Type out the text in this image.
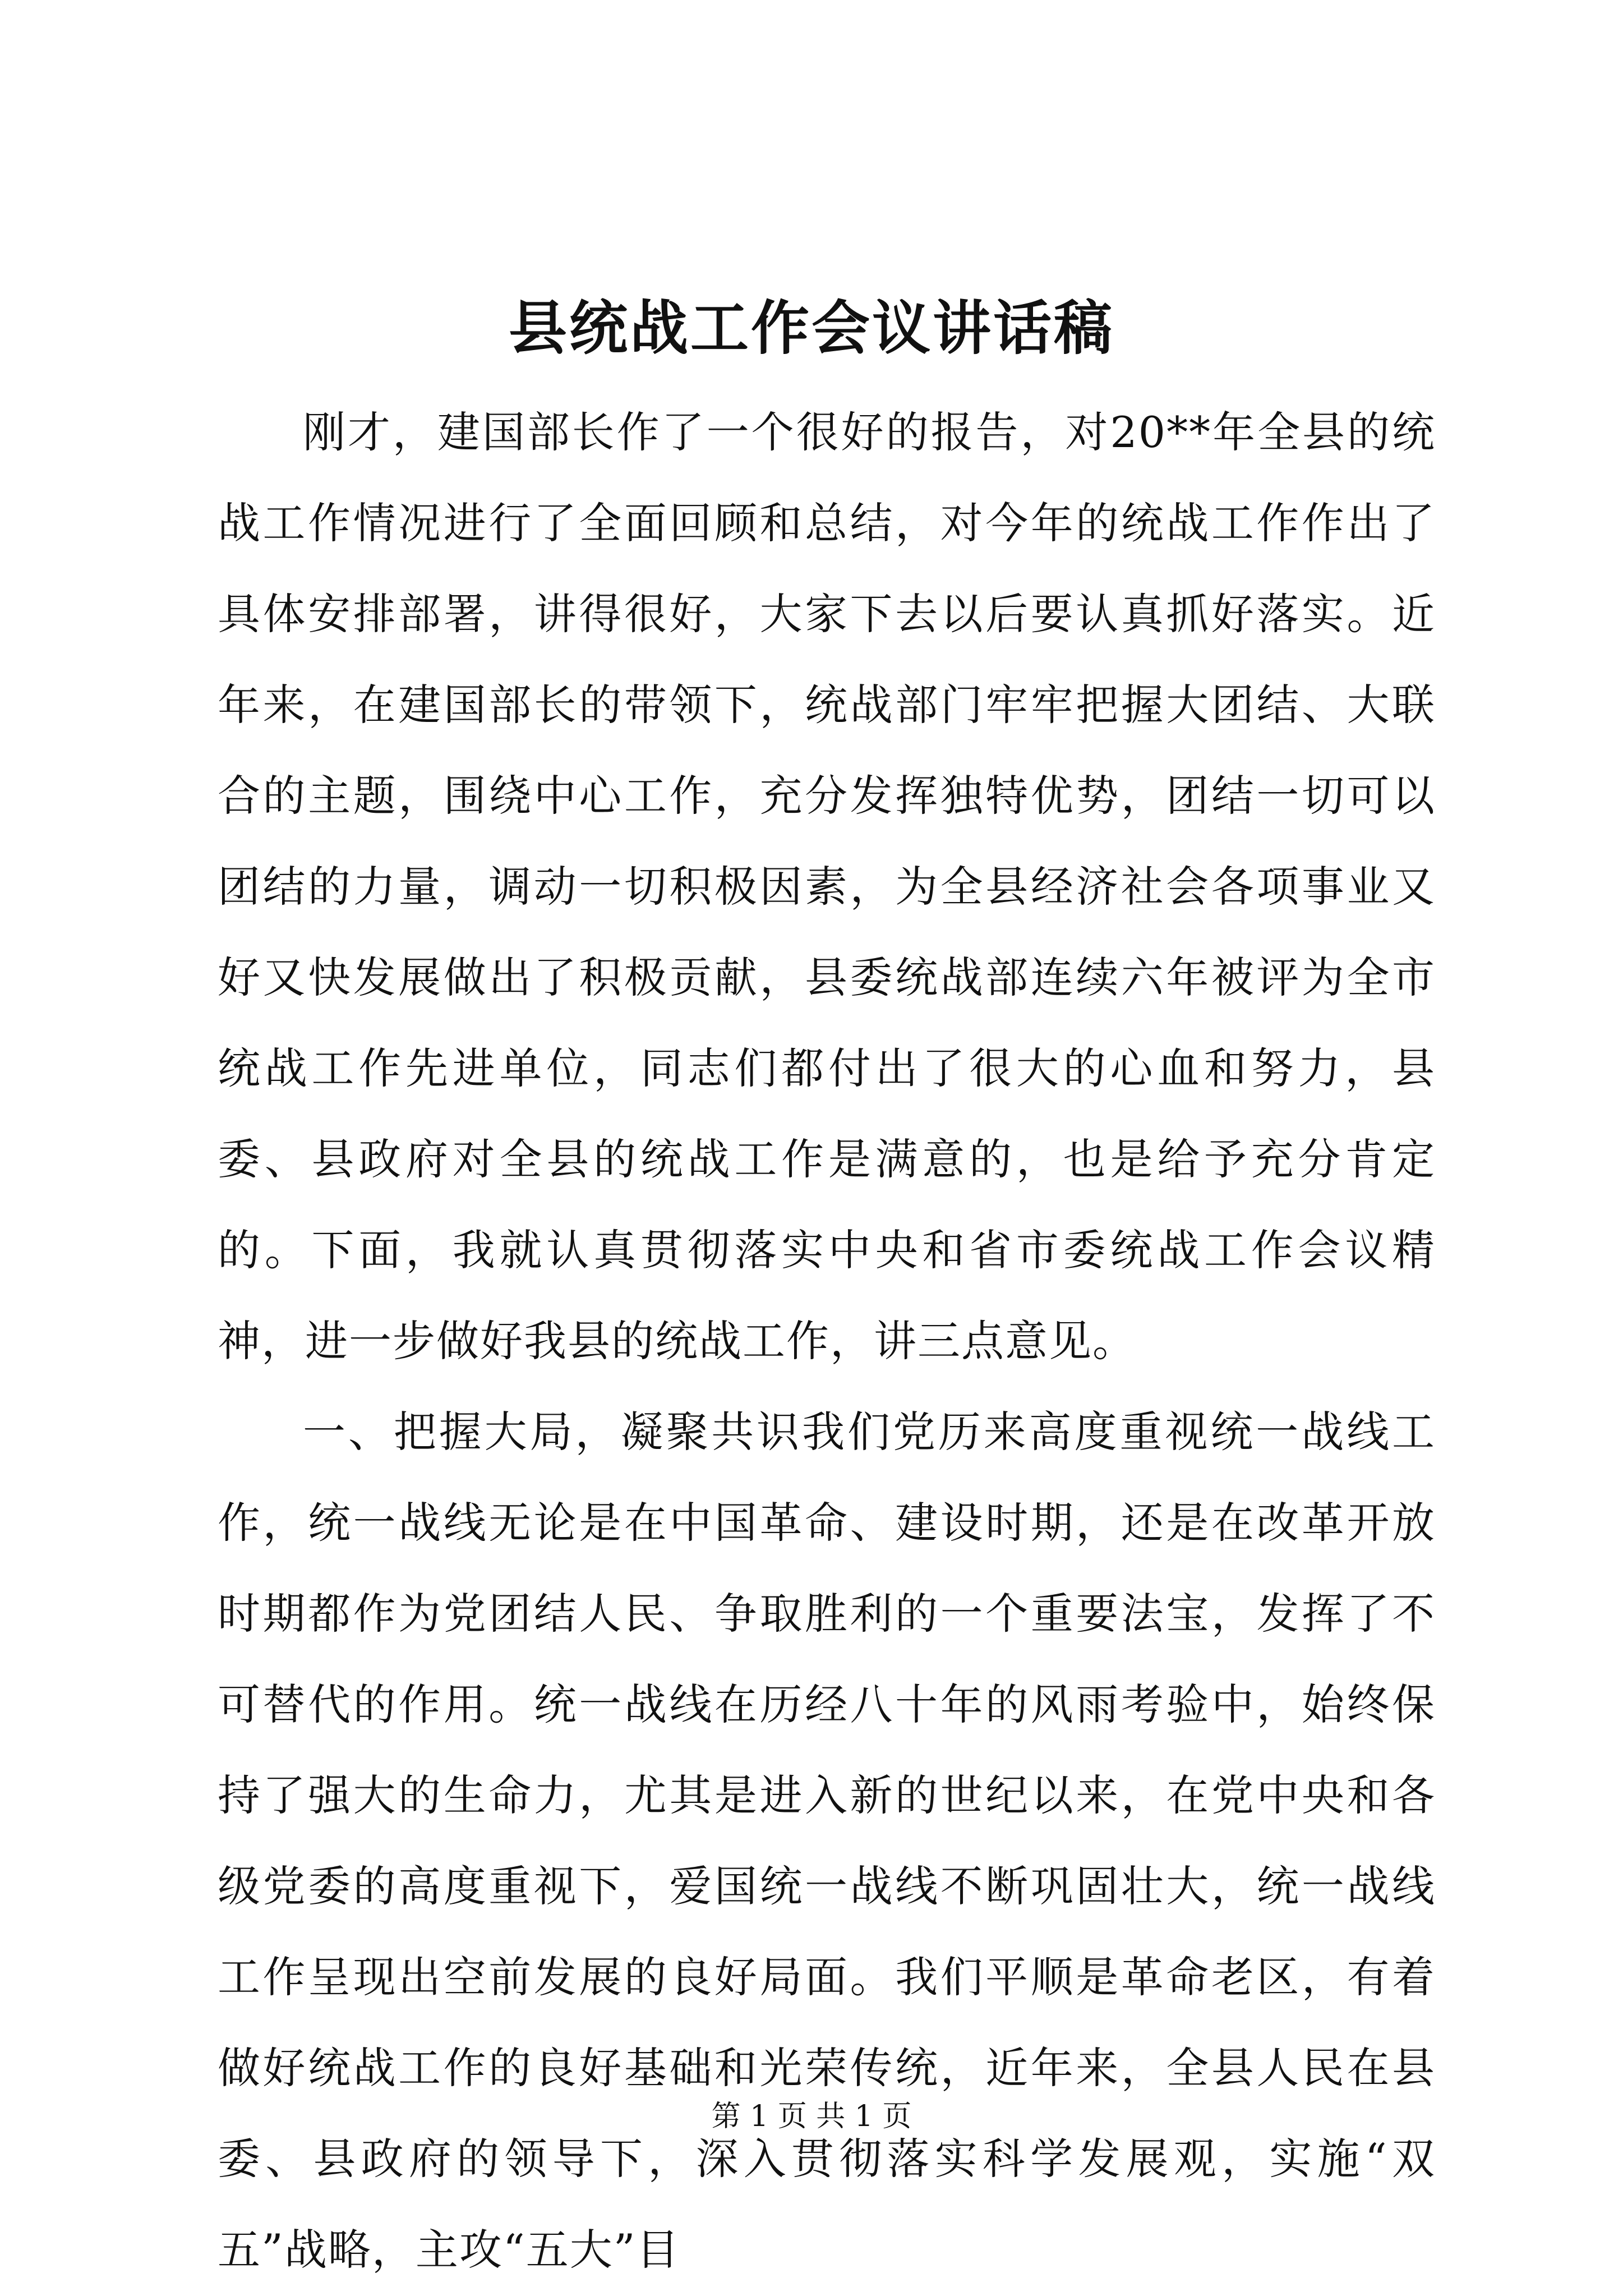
县统战工作会议讲话稿

刚才，建国部长作了一个很好的报告，对20**年全县的统战工作情况进行了全面回顾和总结，对今年的统战工作作出了具体安排部署，讲得很好，大家下去以后要认真抓好落实。近年来，在建国部长的带领下，统战部门牢牢把握大团结、大联合的主题，围绕中心工作，充分发挥独特优势，团结一切可以团结的力量，调动一切积极因素，为全县经济社会各项事业又好又快发展做出了积极贡献，县委统战部连续六年被评为全市统战工作先进单位，同志们都付出了很大的心血和努力，县委、县政府对全县的统战工作是满意的，也是给予充分肯定的。下面，我就认真贯彻落实中央和省市委统战工作会议精神，进一步做好我县的统战工作，讲三点意见。

一、把握大局，凝聚共识我们党历来高度重视统一战线工作，统一战线无论是在中国革命、建设时期，还是在改革开放时期都作为党团结人民、争取胜利的一个重要法宝，发挥了不可替代的作用。统一战线在历经八十年的风雨考验中，始终保持了强大的生命力，尤其是进入新的世纪以来，在党中央和各级党委的高度重视下，爱国统一战线不断巩固壮大，统一战线工作呈现出空前发展的良好局面。我们平顺是革命老区，有着做好统战工作的良好基础和光荣传统，近年来，全县人民在县委、县政府的领导下，深入贯彻落实科学发展观，实施“双五”战略，主攻“五大”目

第 1 页 共 1 页
